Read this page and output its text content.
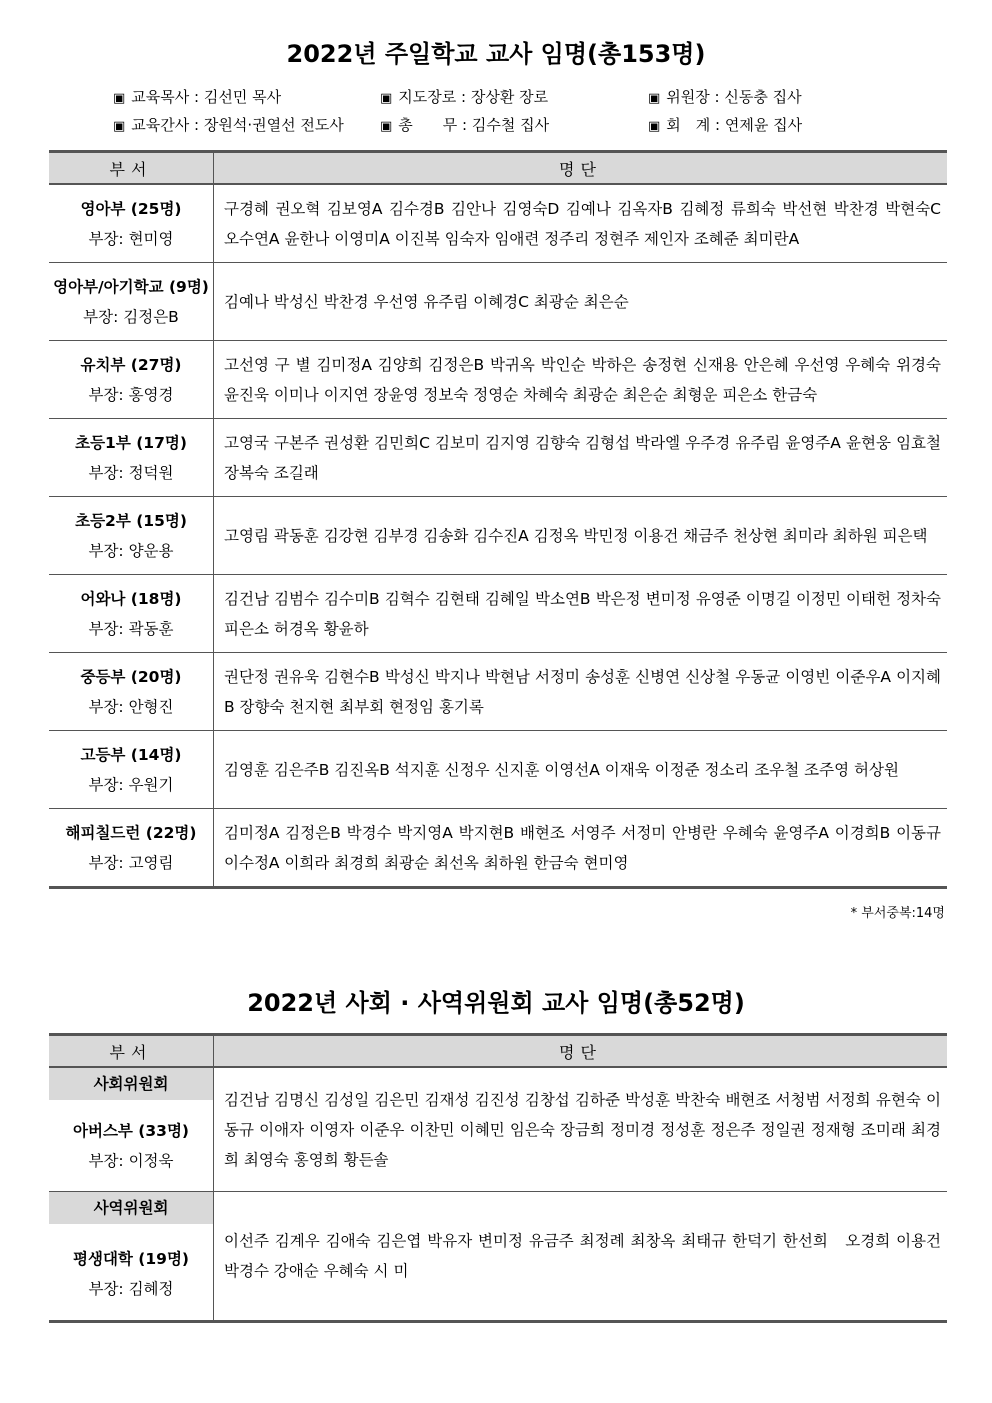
2022년 주일학교 교사 임명(총153명)
▣ 교육목사 : 김선민 목사	▣ 지도장로 : 장상환 장로	▣ 위원장 : 신동충 집사
▣ 교육간사 : 장원석·권열선 전도사	▣ 총　　무 : 김수철 집사	▣ 회　계 : 연제윤 집사
부서	명단

영아부 (25명)
부장: 현미영	구경혜 권오혁 김보영A 김수경B 김안나 김영숙D 김예나 김옥자B 김혜정 류희숙 박선현 박찬경 박현숙C 오수연A 윤한나 이영미A 이진복 임숙자 임애련 정주리 정현주 제인자 조혜준 최미란A

영아부/아기학교 (9명)
부장: 김정은B	김예나 박성신 박찬경 우선영 유주림 이혜경C 최광순 최은순

유치부 (27명)
부장: 홍영경	고선영 구 별 김미정A 김양희 김정은B 박귀옥 박인순 박하은 송정현 신재용 안은혜 우선영 우혜숙 위경숙 윤진욱 이미나 이지연 장윤영 정보숙 정영순 차혜숙 최광순 최은순 최형운 피은소 한금숙

초등1부 (17명)
부장: 정덕원	고영국 구본주 권성환 김민희C 김보미 김지영 김향숙 김형섭 박라엘 우주경 유주림 윤영주A 윤현웅 임효철 장복숙 조길래

초등2부 (15명)
부장: 양운용	고영림 곽동훈 김강현 김부경 김송화 김수진A 김정옥 박민정 이용건 채금주 천상현 최미라 최하원 피은택

어와나 (18명)
부장: 곽동훈	김건남 김범수 김수미B 김혁수 김현태 김혜일 박소연B 박은정 변미정 유영준 이명길 이정민 이태헌 정차숙 피은소 허경옥 황윤하

중등부 (20명)
부장: 안형진	권단정 권유욱 김현수B 박성신 박지나 박현남 서정미 송성훈 신병연 신상철 우동균 이영빈 이준우A 이지혜B 장향숙 천지현 최부회 현정임 홍기록

고등부 (14명)
부장: 우원기	김영훈 김은주B 김진옥B 석지훈 신정우 신지훈 이영선A 이재욱 이정준 정소리 조우철 조주영 허상원

해피칠드런 (22명)
부장: 고영림	김미정A 김정은B 박경수 박지영A 박지현B 배현조 서영주 서정미 안병란 우혜숙 윤영주A 이경희B 이동규 이수정A 이희라 최경희 최광순 최선옥 최하원 한금숙 현미영
* 부서중복:14명
2022년 사회 · 사역위원회 교사 임명(총52명)
부서	명단

사회위원회
아버스부 (33명)
부장: 이정욱	김건남 김명신 김성일 김은민 김재성 김진성 김창섭 김하준 박성훈 박찬숙 배현조 서청범 서정희 유현숙 이동규 이애자 이영자 이준우 이찬민 이혜민 임은숙 장금희 정미경 정성훈 정은주 정일권 정재형 조미래 최경희 최영숙 홍영희 황든솔

사역위원회
평생대학 (19명)
부장: 김혜정	이선주 김계우 김애숙 김은엽 박유자 변미정 유금주 최정례 최창옥 최태규 한덕기 한선희　오경희 이용건 박경수 강애순 우혜숙 시 미
